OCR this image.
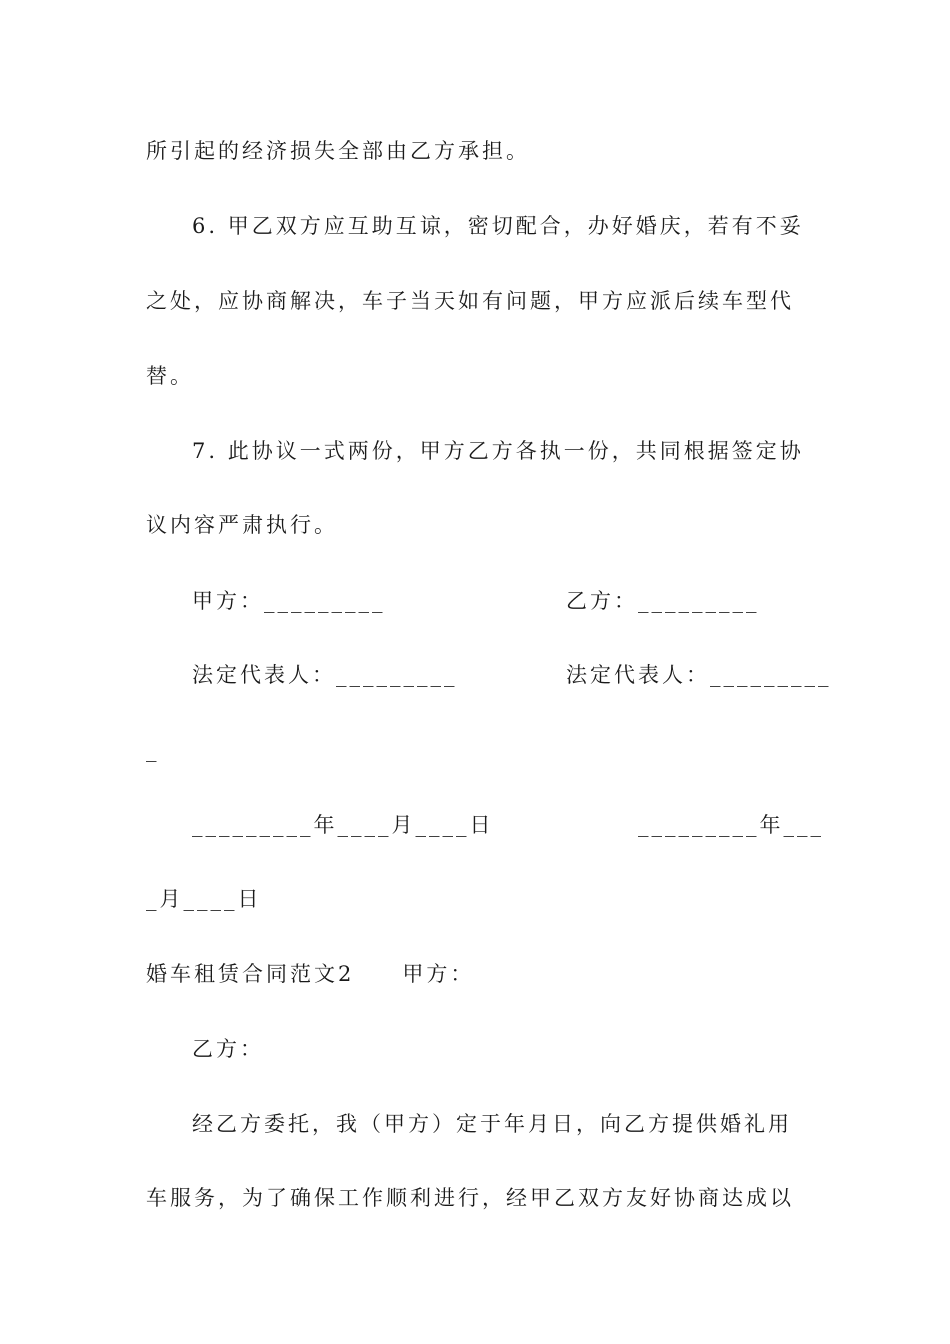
所引起的经济损失全部由乙方承担。
6. 甲乙双方应互助互谅，密切配合，办好婚庆，若有不妥
之处，应协商解决，车子当天如有问题，甲方应派后续车型代
替。
7. 此协议一式两份，甲方乙方各执一份，共同根据签定协
议内容严肃执行。
甲方：_________	乙方：_________
法定代表人：_________	法定代表人：_________
_
_________年____月____日	_________年___
_月____日
婚车租赁合同范文2　　甲方：
乙方：
经乙方委托，我（甲方）定于年月日，向乙方提供婚礼用
车服务，为了确保工作顺利进行，经甲乙双方友好协商达成以
